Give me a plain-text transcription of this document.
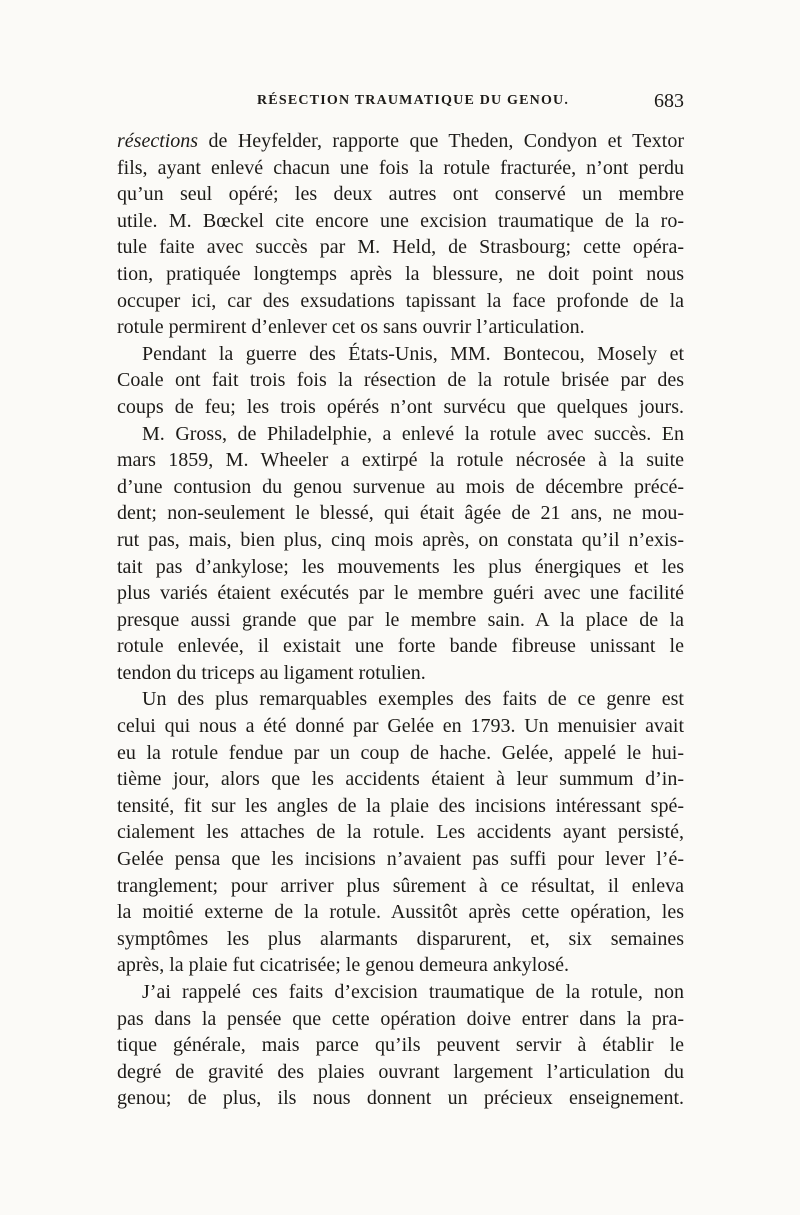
RÉSECTION TRAUMATIQUE DU GENOU.	683
résections de Heyfelder, rapporte que Theden, Condyon et Textor
fils, ayant enlevé chacun une fois la rotule fracturée, n’ont perdu
qu’un seul opéré; les deux autres ont conservé un membre
utile. M. Bœckel cite encore une excision traumatique de la ro-
tule faite avec succès par M. Held, de Strasbourg; cette opéra-
tion, pratiquée longtemps après la blessure, ne doit point nous
occuper ici, car des exsudations tapissant la face profonde de la
rotule permirent d’enlever cet os sans ouvrir l’articulation.
Pendant la guerre des États-Unis, MM. Bontecou, Mosely et
Coale ont fait trois fois la résection de la rotule brisée par des
coups de feu; les trois opérés n’ont survécu que quelques jours.
M. Gross, de Philadelphie, a enlevé la rotule avec succès. En
mars 1859, M. Wheeler a extirpé la rotule nécrosée à la suite
d’une contusion du genou survenue au mois de décembre précé-
dent; non-seulement le blessé, qui était âgée de 21 ans, ne mou-
rut pas, mais, bien plus, cinq mois après, on constata qu’il n’exis-
tait pas d’ankylose; les mouvements les plus énergiques et les
plus variés étaient exécutés par le membre guéri avec une facilité
presque aussi grande que par le membre sain. A la place de la
rotule enlevée, il existait une forte bande fibreuse unissant le
tendon du triceps au ligament rotulien.
Un des plus remarquables exemples des faits de ce genre est
celui qui nous a été donné par Gelée en 1793. Un menuisier avait
eu la rotule fendue par un coup de hache. Gelée, appelé le hui-
tième jour, alors que les accidents étaient à leur summum d’in-
tensité, fit sur les angles de la plaie des incisions intéressant spé-
cialement les attaches de la rotule. Les accidents ayant persisté,
Gelée pensa que les incisions n’avaient pas suffi pour lever l’é-
tranglement; pour arriver plus sûrement à ce résultat, il enleva
la moitié externe de la rotule. Aussitôt après cette opération, les
symptômes les plus alarmants disparurent, et, six semaines
après, la plaie fut cicatrisée; le genou demeura ankylosé.
J’ai rappelé ces faits d’excision traumatique de la rotule, non
pas dans la pensée que cette opération doive entrer dans la pra-
tique générale, mais parce qu’ils peuvent servir à établir le
degré de gravité des plaies ouvrant largement l’articulation du
genou; de plus, ils nous donnent un précieux enseignement.
